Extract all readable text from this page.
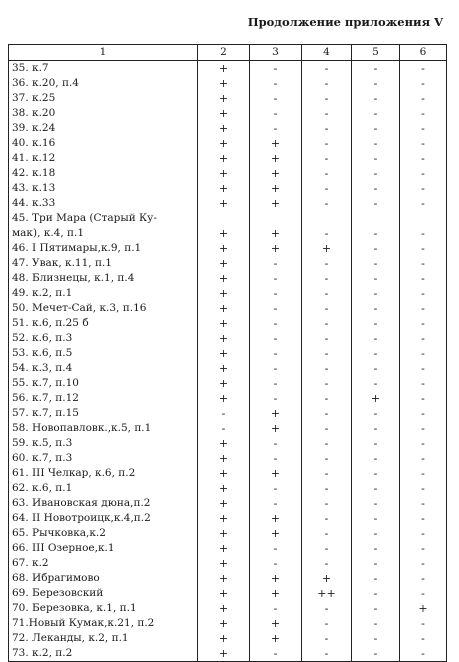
Продолжение приложения V
1	2	3	4	5	6
35. к.7	+	-	-	-	-
36. к.20, п.4	+	-	-	-	-
37. к.25	+	-	-	-	-
38. к.20	+	-	-	-	-
39. к.24	+	-	-	-	-
40. к.16	+	+	-	-	-
41. к.12	+	+	-	-	-
42. к.18	+	+	-	-	-
43. к.13	+	+	-	-	-
44. к.33	+	+	-	-	-
45. Три Мара (Старый Ку-					
мак), к.4, п.1	+	+	-	-	-
46. I Пятимары,к.9, п.1	+	+	+	-	-
47. Увак, к.11, п.1	+	-	-	-	-
48. Близнецы, к.1, п.4	+	-	-	-	-
49. к.2, п.1	+	-	-	-	-
50. Мечет-Сай, к.3, п.16	+	-	-	-	-
51. к.6, п.25 б	+	-	-	-	-
52. к.6, п.3	+	-	-	-	-
53. к.6, п.5	+	-	-	-	-
54. к.3, п.4	+	-	-	-	-
55. к.7, п.10	+	-	-	-	-
56. к.7, п.12	+	-	-	+	-
57. к.7, п.15	-	+	-	-	-
58. Новопавловк.,к.5, п.1	-	+	-	-	-
59. к.5, п.3	+	-	-	-	-
60. к.7, п.3	+	-	-	-	-
61. III Челкар, к.6, п.2	+	+	-	-	-
62. к.6, п.1	+	-	-	-	-
63. Ивановская дюна,п.2	+	-	-	-	-
64. II Новотроицк,к.4,п.2	+	+	-	-	-
65. Рычковка,к.2	+	+	-	-	-
66. III Озерное,к.1	+	-	-	-	-
67. к.2	+	-	-	-	-
68. Ибрагимово	+	+	+	-	-
69. Березовский	+	+	++	-	-
70. Березовка, к.1, п.1	+	-	-	-	+
71.Новый Кумак,к.21, п.2	+	+	-	-	-
72. Леканды, к.2, п.1	+	+	-	-	-
73. к.2, п.2	+	-	-	-	-
